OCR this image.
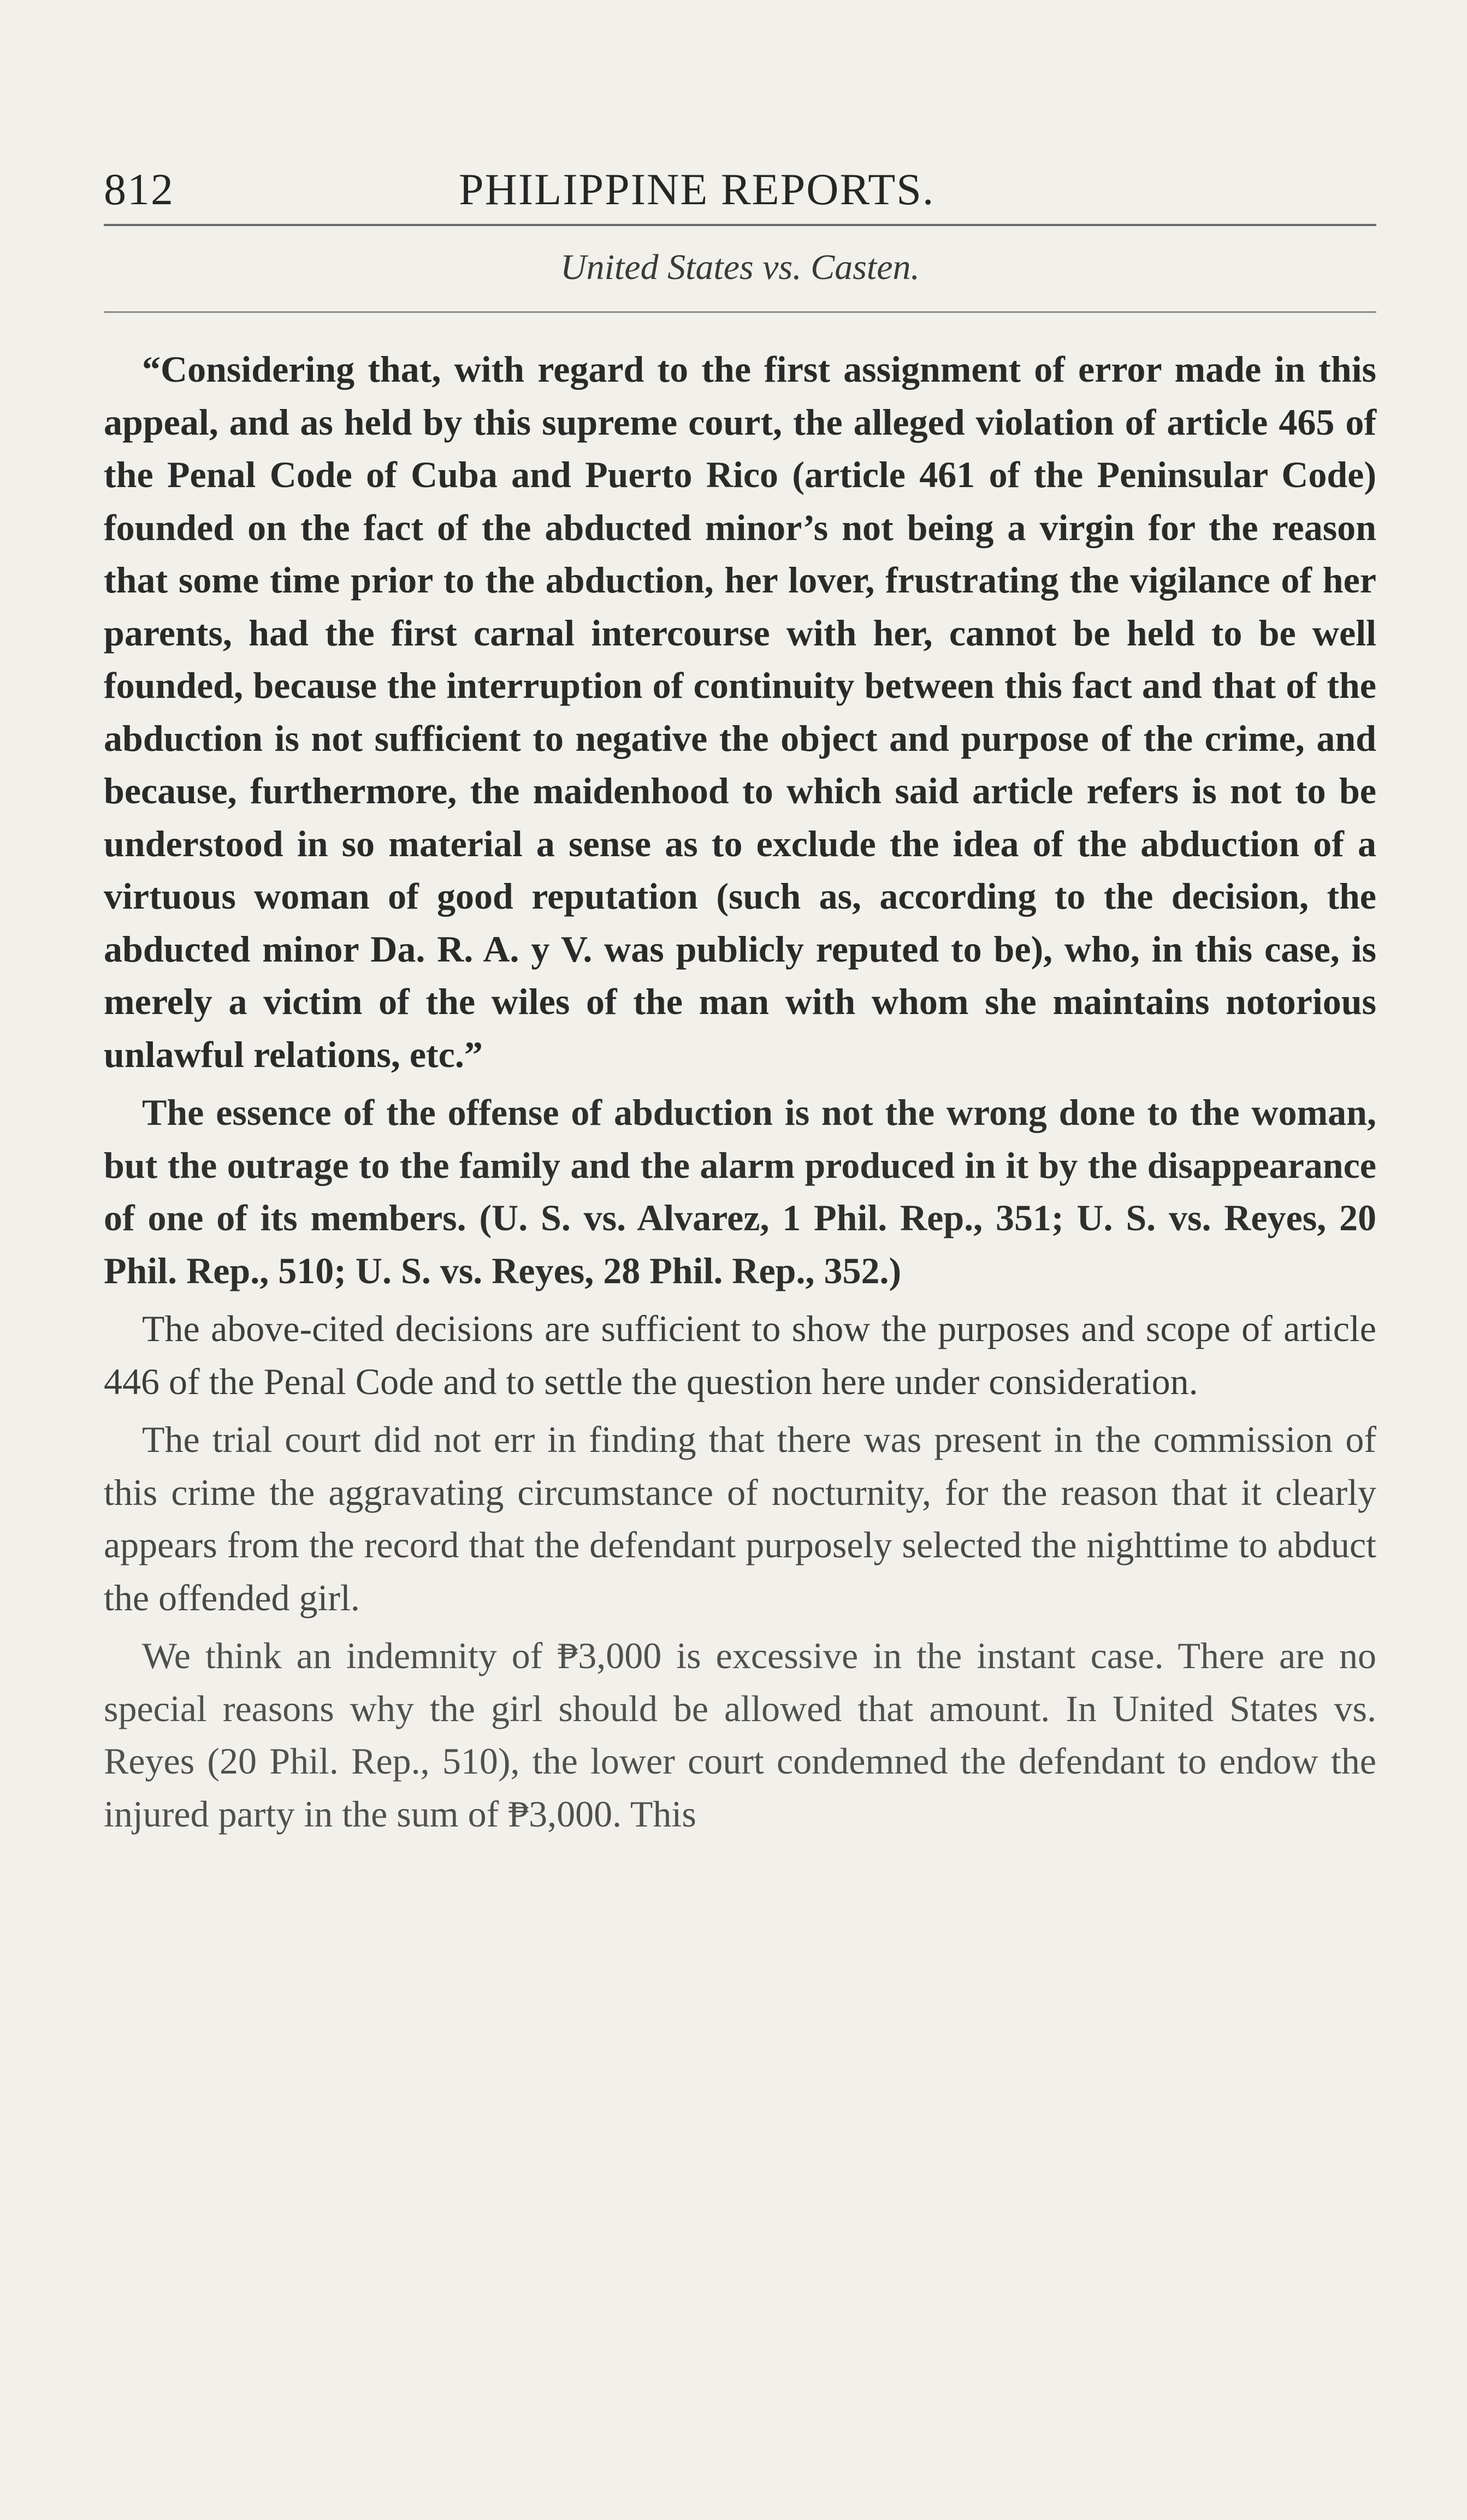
812	PHILIPPINE REPORTS.
United States vs. Casten.

“Considering that, with regard to the first assignment of error made in this appeal, and as held by this supreme court, the alleged violation of article 465 of the Penal Code of Cuba and Puerto Rico (article 461 of the Peninsular Code) founded on the fact of the abducted minor’s not being a virgin for the reason that some time prior to the abduction, her lover, frustrating the vigilance of her parents, had the first carnal intercourse with her, cannot be held to be well founded, because the interruption of continuity between this fact and that of the abduction is not sufficient to negative the object and purpose of the crime, and because, furthermore, the maidenhood to which said article refers is not to be understood in so material a sense as to exclude the idea of the abduction of a virtuous woman of good reputation (such as, according to the decision, the abducted minor Da. R. A. y V. was publicly reputed to be), who, in this case, is merely a victim of the wiles of the man with whom she maintains notorious unlawful relations, etc.”

The essence of the offense of abduction is not the wrong done to the woman, but the outrage to the family and the alarm produced in it by the disappearance of one of its members. (U. S. vs. Alvarez, 1 Phil. Rep., 351; U. S. vs. Reyes, 20 Phil. Rep., 510; U. S. vs. Reyes, 28 Phil. Rep., 352.)

The above-cited decisions are sufficient to show the purposes and scope of article 446 of the Penal Code and to settle the question here under consideration.

The trial court did not err in finding that there was present in the commission of this crime the aggravating circumstance of nocturnity, for the reason that it clearly appears from the record that the defendant purposely selected the nighttime to abduct the offended girl.

We think an indemnity of ₱3,000 is excessive in the instant case. There are no special reasons why the girl should be allowed that amount. In United States vs. Reyes (20 Phil. Rep., 510), the lower court condemned the defendant to endow the injured party in the sum of ₱3,000. This
